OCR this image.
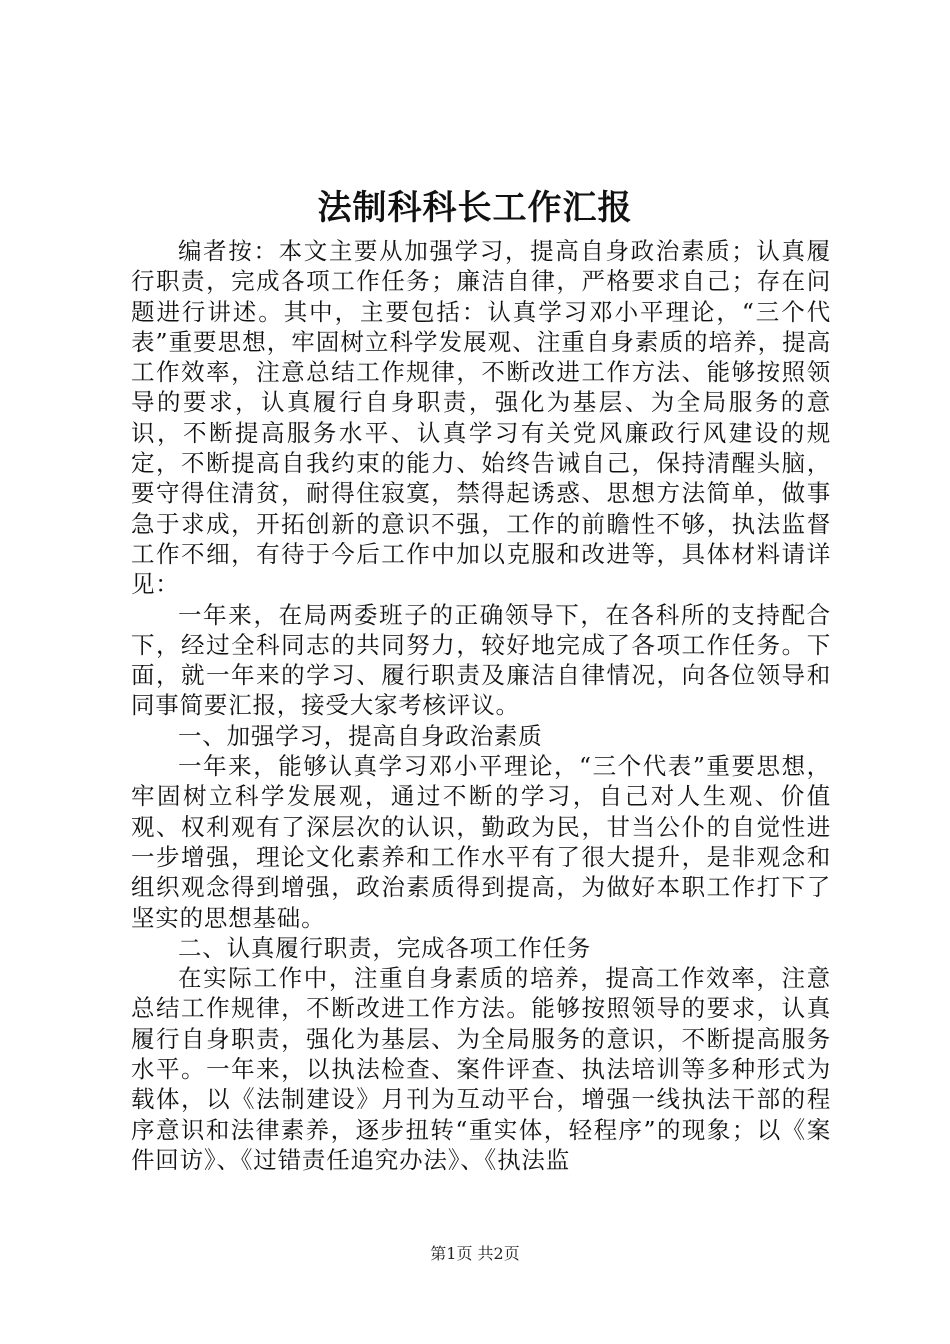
法制科科长工作汇报

编者按：本文主要从加强学习，提高自身政治素质；认真履行职责，完成各项工作任务；廉洁自律，严格要求自己；存在问题进行讲述。其中，主要包括：认真学习邓小平理论，“三个代表”重要思想，牢固树立科学发展观、注重自身素质的培养，提高工作效率，注意总结工作规律，不断改进工作方法、能够按照领导的要求，认真履行自身职责，强化为基层、为全局服务的意识，不断提高服务水平、认真学习有关党风廉政行风建设的规定，不断提高自我约束的能力、始终告诫自己，保持清醒头脑，要守得住清贫，耐得住寂寞，禁得起诱惑、思想方法简单，做事急于求成，开拓创新的意识不强，工作的前瞻性不够，执法监督工作不细，有待于今后工作中加以克服和改进等，具体材料请详见：

一年来，在局两委班子的正确领导下，在各科所的支持配合下，经过全科同志的共同努力，较好地完成了各项工作任务。下面，就一年来的学习、履行职责及廉洁自律情况，向各位领导和同事简要汇报，接受大家考核评议。

一、加强学习，提高自身政治素质

一年来，能够认真学习邓小平理论，“三个代表”重要思想，牢固树立科学发展观，通过不断的学习，自己对人生观、价值观、权利观有了深层次的认识，勤政为民，甘当公仆的自觉性进一步增强，理论文化素养和工作水平有了很大提升，是非观念和组织观念得到增强，政治素质得到提高，为做好本职工作打下了坚实的思想基础。

二、认真履行职责，完成各项工作任务

在实际工作中，注重自身素质的培养，提高工作效率，注意总结工作规律，不断改进工作方法。能够按照领导的要求，认真履行自身职责，强化为基层、为全局服务的意识，不断提高服务水平。一年来，以执法检查、案件评查、执法培训等多种形式为载体，以《法制建设》月刊为互动平台，增强一线执法干部的程序意识和法律素养，逐步扭转“重实体，轻程序”的现象；以《案件回访》、《过错责任追究办法》、《执法监

第1页 共2页
